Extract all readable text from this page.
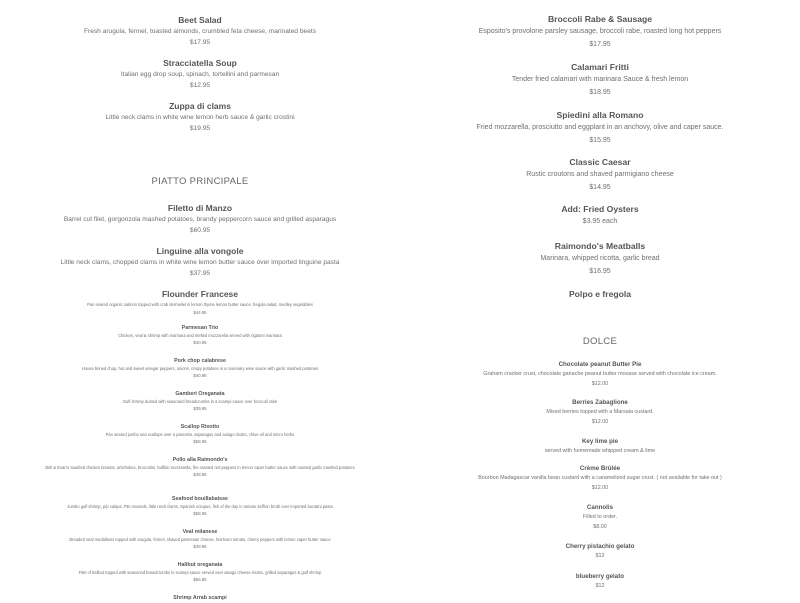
Beet Salad
Fresh arugula, fennel, toasted almonds, crumbled feta cheese, marinated beets
$17.95
Stracciatella Soup
Italian egg drop soup, spinach, tortellini and parmesan
$12.95
Zuppa di clams
Little neck clams in white wine lemon herb sauce & garlic crostini
$19.95
PIATTO PRINCIPALE
Filetto di Manzo
Barrel cut filet, gorgonzola mashed potatoes, brandy peppercorn sauce and grilled asparagus
$60.95
Linguine alla vongole
Little neck clams, chopped clams in white wine lemon butter sauce over imported linguine pasta
$37.95
Flounder Francese
Pan seared organic salmon topped with crab dermeliel in lemon thyme lemon butter sauce, fregola salad, medley vegetables
$44.95
Parmesan Trio
Chicken, veal & shrimp with marinara and melted mozzarella served with rigatoni marinara
$40.95
Pork chop calabrese
House brined chop, hot and sweet vinegar peppers, onions, crispy potatoes in a rosemary wine sauce with garlic mashed potatoes
$40.95
Gamberi Oreganata
Gulf shrimp dusted with seasoned breadcrumbs in a scampi sauce over broccoli rabe
$39.95
Scallop Risotto
Pan seared jumbo sea scallops over a pancetta, asparagus and asiago risotto, chive oil and micro herbs
$58.95
Pollo alla Raimondo's
Bell & Evan's sautéed chicken breasts, artichokes, broccolini, buffalo mozzarella, fire roasted red peppers in lemon caper butter sauce with roasted garlic mashed potatoes
$38.95
Seafood bouillabaisse
Jumbo gulf shrimp, p/p calaps, PEI mussels, little neck clams, Spanish octopus, fish of the day in tomato saffron broth over imported bucatini pasta
$58.95
Veal milanese
Breaded veal medallions topped with arugula, fennel, shaved parmesan cheese, heirloom tomato, cherry peppers with lemon caper butter sauce
$39.95
Halibut oreganata
Filet of halibut topped with seasoned breadcrumbs in scampi sauce served over asiago cheese risotto, grilled asparagus & gulf shrimp
$56.95
Shrimp Arrab scampi
Broccoli Rabe & Sausage
Esposito's provolone parsley sausage, broccoli rabe, roasted long hot peppers
$17.95
Calamari Fritti
Tender fried calamari with marinara Sauce & fresh lemon
$18.95
Spiedini alla Romano
Fried mozzarella, prosciutto and eggplant in an anchovy, olive and caper sauce.
$15.95
Classic Caesar
Rustic croutons and shaved parmigiano cheese
$14.95
Add: Fried Oysters
$3.95 each
Raimondo's Meatballs
Marinara, whipped ricotta, garlic bread
$16.95
Polpo e fregola
DOLCE
Chocolate peanut Butter Pie
Graham cracker crust, chocolate ganache peanut butter mousse served with chocolate ice cream.
$12.00
Berries Zabaglione
Mixed berries topped with a Marsala custard.
$12.00
Key lime pie
served with homemade whipped cream & lime
Crème Brûlée
Bourbon Madagascar vanilla bean custard with a caramelized sugar crust. ( not available for take out )
$12.00
Cannolis
Filled to order.
$8.00
Cherry pistachio gelato
$12
blueberry gelato
$12
